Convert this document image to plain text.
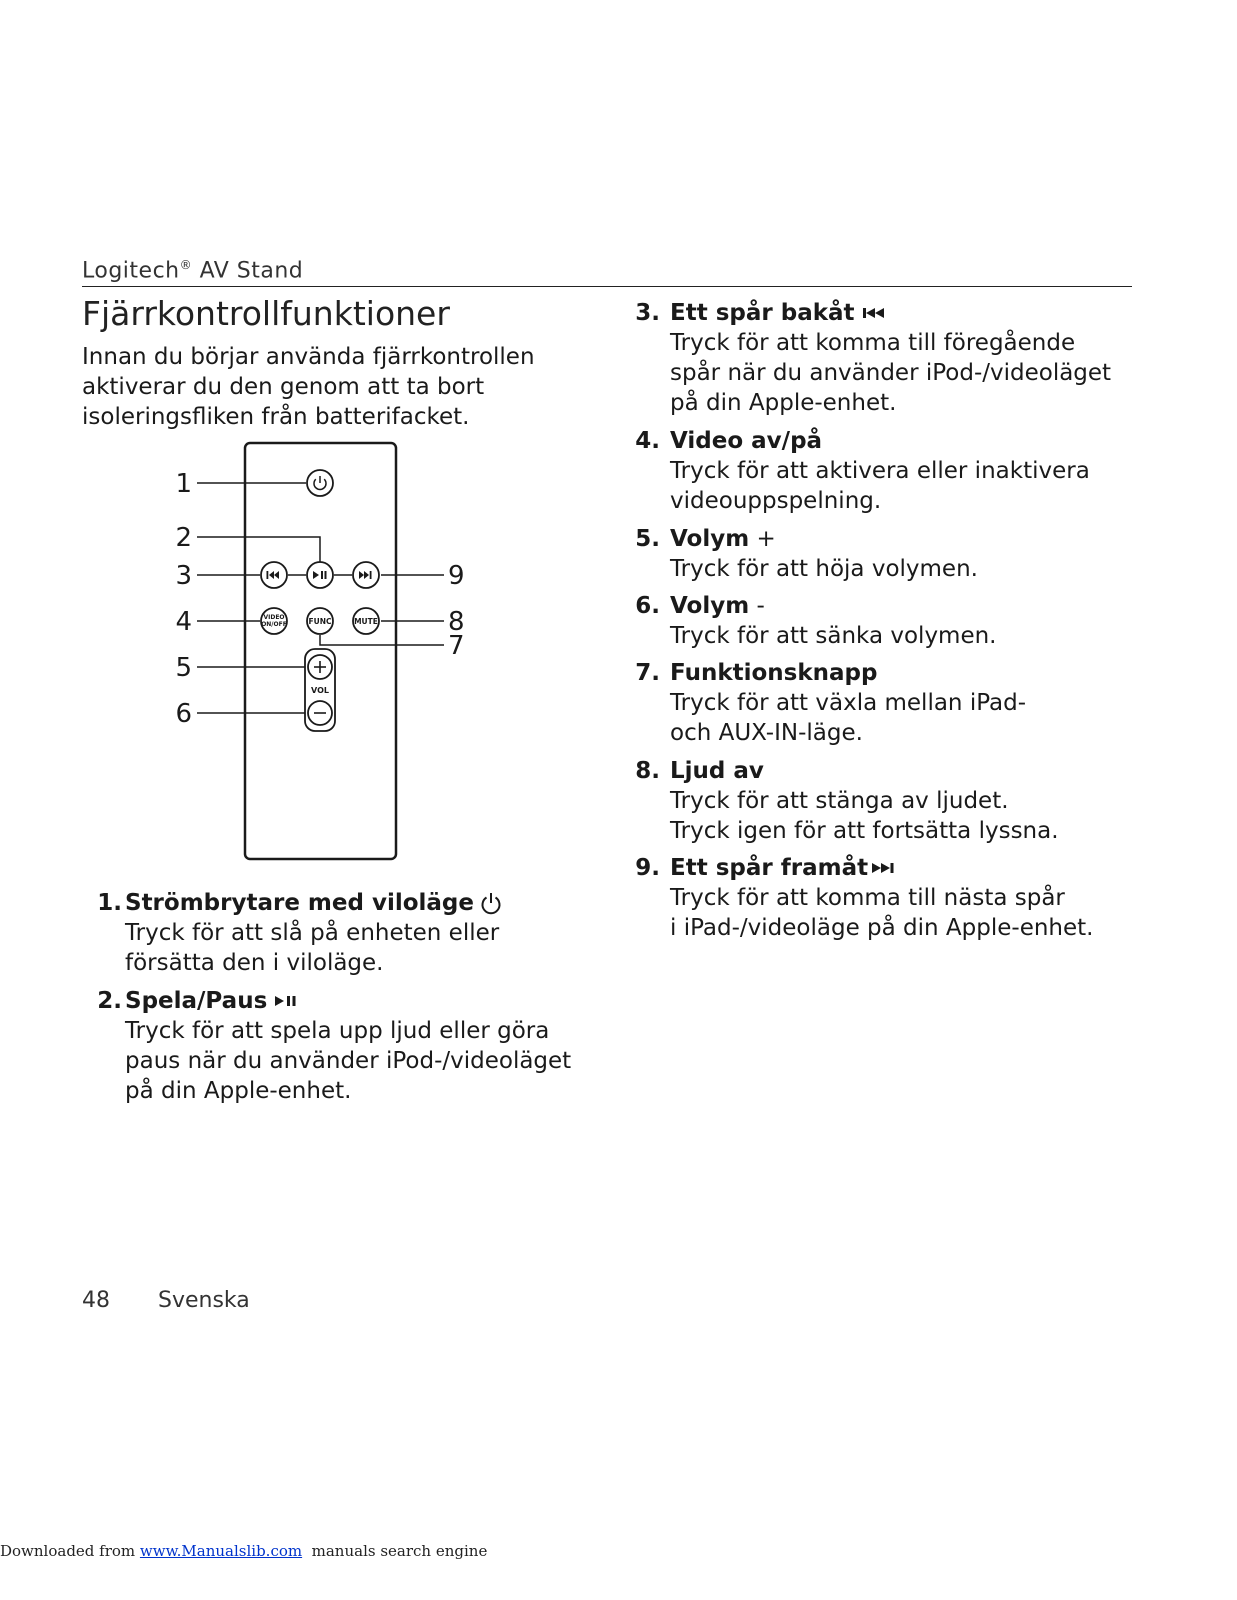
Logitech® AV Stand
Fjärrkontrollfunktioner
Innan du börjar använda fjärrkontrollen
aktiverar du den genom att ta bort
isoleringsfliken från batterifacket.
1
2
3
4
5
6
9
8
7
VIDEO
ON/OFF	FUNC	MUTE
VOL
1. Strömbrytare med viloläge
Tryck för att slå på enheten eller
försätta den i viloläge.
2. Spela/Paus
Tryck för att spela upp ljud eller göra
paus när du använder iPod-/videoläget
på din Apple-enhet.
3. Ett spår bakåt
Tryck för att komma till föregående
spår när du använder iPod-/videoläget
på din Apple-enhet.
4. Video av/på
Tryck för att aktivera eller inaktivera
videouppspelning.
5. Volym +
Tryck för att höja volymen.
6. Volym -
Tryck för att sänka volymen.
7. Funktionsknapp
Tryck för att växla mellan iPad-
och AUX-IN-läge.
8. Ljud av
Tryck för att stänga av ljudet.
Tryck igen för att fortsätta lyssna.
9. Ett spår framåt
Tryck för att komma till nästa spår
i iPad-/videoläge på din Apple-enhet.
48 Svenska
Downloaded from www.Manualslib.com  manuals search engine
